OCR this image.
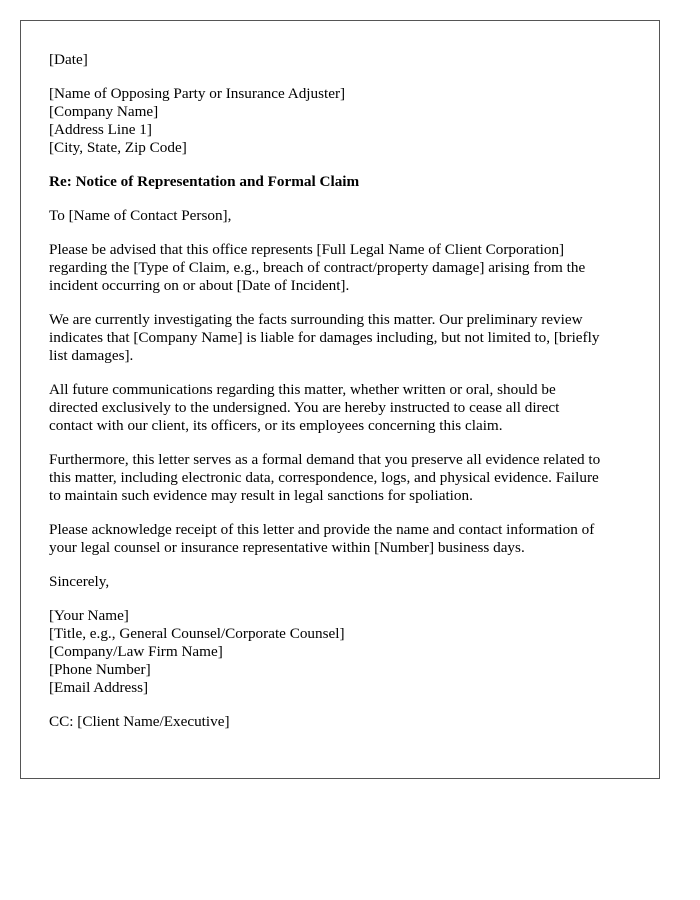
[Date]
[Name of Opposing Party or Insurance Adjuster]
[Company Name]
[Address Line 1]
[City, State, Zip Code]
Re: Notice of Representation and Formal Claim
To [Name of Contact Person],
Please be advised that this office represents [Full Legal Name of Client Corporation]
regarding the [Type of Claim, e.g., breach of contract/property damage] arising from the
incident occurring on or about [Date of Incident].
We are currently investigating the facts surrounding this matter. Our preliminary review
indicates that [Company Name] is liable for damages including, but not limited to, [briefly
list damages].
All future communications regarding this matter, whether written or oral, should be
directed exclusively to the undersigned. You are hereby instructed to cease all direct
contact with our client, its officers, or its employees concerning this claim.
Furthermore, this letter serves as a formal demand that you preserve all evidence related to
this matter, including electronic data, correspondence, logs, and physical evidence. Failure
to maintain such evidence may result in legal sanctions for spoliation.
Please acknowledge receipt of this letter and provide the name and contact information of
your legal counsel or insurance representative within [Number] business days.
Sincerely,
[Your Name]
[Title, e.g., General Counsel/Corporate Counsel]
[Company/Law Firm Name]
[Phone Number]
[Email Address]
CC: [Client Name/Executive]
